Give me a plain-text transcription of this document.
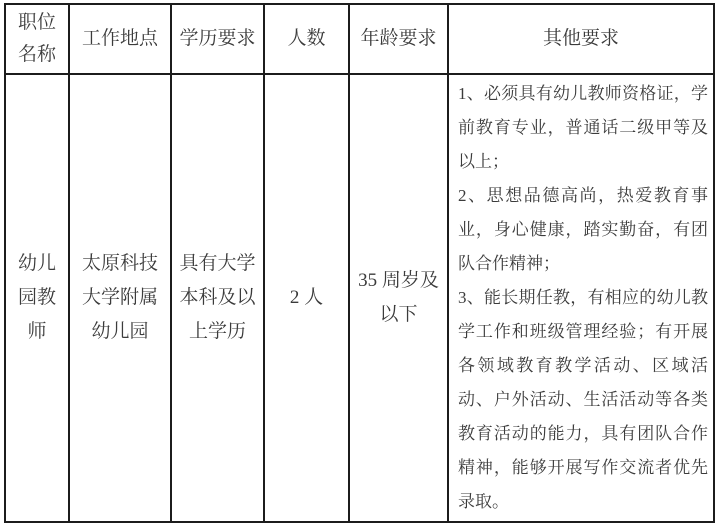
职位名称	工作地点	学历要求	人数	年龄要求	其他要求
幼儿园教师	太原科技大学附属幼儿园	具有大学本科及以上学历	2 人	35 周岁及以下	1、必须具有幼儿教师资格证，学前教育专业，普通话二级甲等及以上；

2、思想品德高尚，热爱教育事业，身心健康，踏实勤奋，有团队合作精神；

3、能长期任教，有相应的幼儿教学工作和班级管理经验；有开展各领域教育教学活动、区域活动、户外活动、生活活动等各类教育活动的能力，具有团队合作精神，能够开展写作交流者优先录取。
